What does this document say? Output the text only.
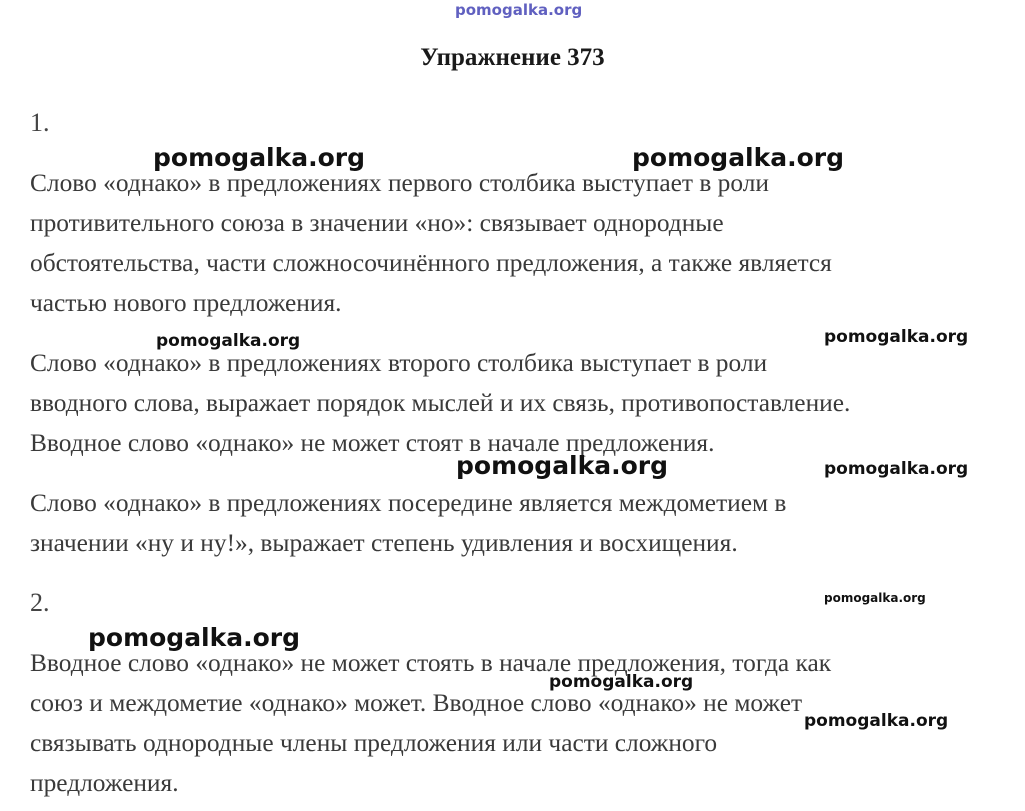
pomogalka.org
Упражнение 373
1.

Слово «однако» в предложениях первого столбика выступает в роли
противительного союза в значении «но»: связывает однородные
обстоятельства, части сложносочинённого предложения, а также является
частью нового предложения.

Слово «однако» в предложениях второго столбика выступает в роли
вводного слова, выражает порядок мыслей и их связь, противопоставление.
Вводное слово «однако» не может стоят в начале предложения.

Слово «однако» в предложениях посередине является междометием в
значении «ну и ну!», выражает степень удивления и восхищения.

2.

Вводное слово «однако» не может стоять в начале предложения, тогда как
союз и междометие «однако» может. Вводное слово «однако» не может
связывать однородные члены предложения или части сложного
предложения.

pomogalka.org	pomogalka.org
pomogalka.org	pomogalka.org
pomogalka.org	pomogalka.org
pomogalka.org
pomogalka.org
pomogalka.org
pomogalka.org
